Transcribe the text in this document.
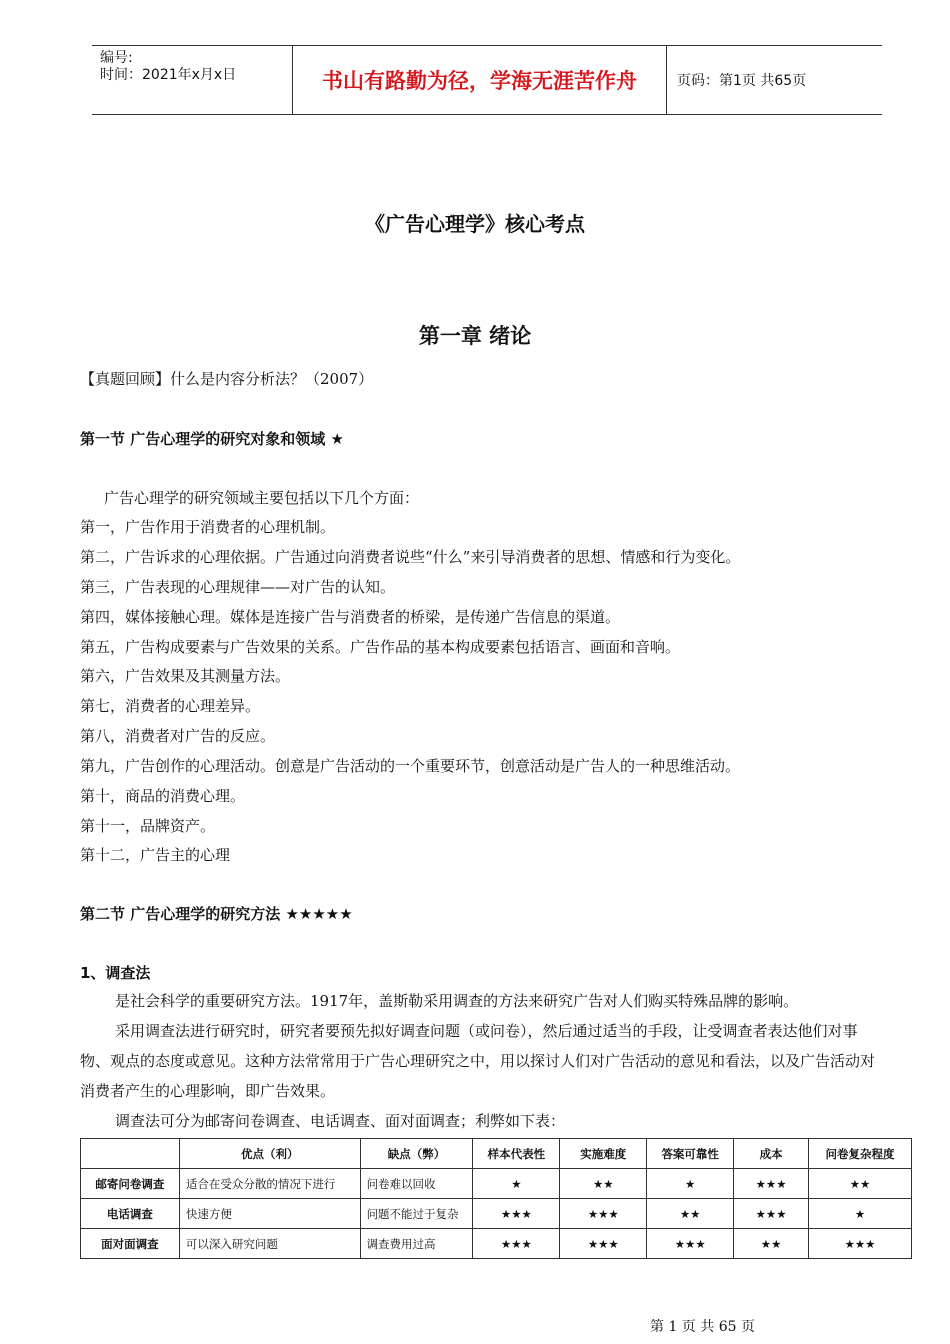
编号:
时间：2021年x月x日	书山有路勤为径，学海无涯苦作舟	页码：第1页 共65页
《广告心理学》核心考点
第一章 绪论
【真题回顾】什么是内容分析法？（2007）
第一节 广告心理学的研究对象和领域 ★
广告心理学的研究领域主要包括以下几个方面：
第一，广告作用于消费者的心理机制。
第二，广告诉求的心理依据。广告通过向消费者说些“什么”来引导消费者的思想、情感和行为变化。
第三，广告表现的心理规律——对广告的认知。
第四，媒体接触心理。媒体是连接广告与消费者的桥梁，是传递广告信息的渠道。
第五，广告构成要素与广告效果的关系。广告作品的基本构成要素包括语言、画面和音响。
第六，广告效果及其测量方法。
第七，消费者的心理差异。
第八，消费者对广告的反应。
第九，广告创作的心理活动。创意是广告活动的一个重要环节，创意活动是广告人的一种思维活动。
第十，商品的消费心理。
第十一，品牌资产。
第十二，广告主的心理
第二节 广告心理学的研究方法 ★★★★★
1、调查法
是社会科学的重要研究方法。1917年，盖斯勒采用调查的方法来研究广告对人们购买特殊品牌的影响。
采用调查法进行研究时，研究者要预先拟好调查问题（或问卷），然后通过适当的手段，让受调查者表达他们对事物、观点的态度或意见。这种方法常常用于广告心理研究之中，用以探讨人们对广告活动的意见和看法，以及广告活动对消费者产生的心理影响，即广告效果。
调查法可分为邮寄问卷调查、电话调查、面对面调查；利弊如下表：
	优点（利）	缺点（弊）	样本代表性	实施难度	答案可靠性	成本	问卷复杂程度
邮寄问卷调查	适合在受众分散的情况下进行	问卷难以回收	★	★★	★	★★★	★★
电话调查	快速方便	问题不能过于复杂	★★★	★★★	★★	★★★	★
面对面调查	可以深入研究问题	调查费用过高	★★★	★★★	★★★	★★	★★★
第 1 页 共 65 页
